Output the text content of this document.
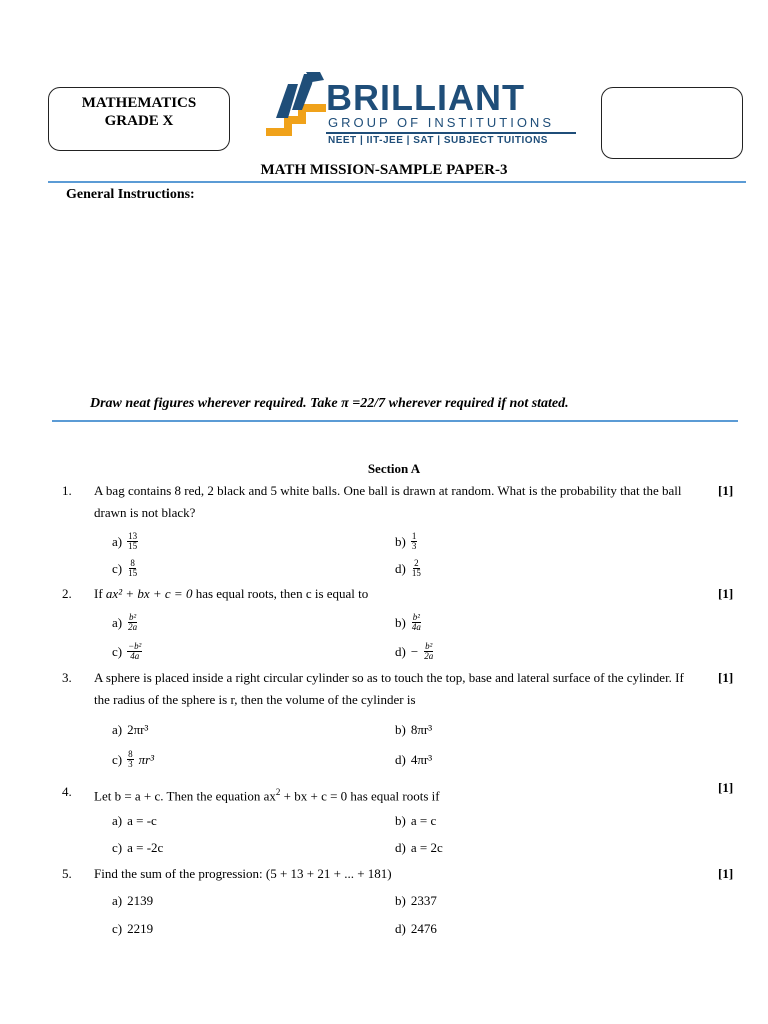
MATHEMATICS
GRADE X
BRILLIANT
GROUP OF INSTITUTIONS
NEET | IIT-JEE | SAT | SUBJECT TUITIONS
MATH MISSION-SAMPLE PAPER-3
General Instructions:
Draw neat figures wherever required. Take π =22/7 wherever required if not stated.
Section A
1. A bag contains 8 red, 2 black and 5 white balls. One ball is drawn at random. What is the probability that the ball drawn is not black?
[1]
$a) \frac{13}{15}$	$b) \frac{1}{3}$
$c) \frac{8}{15}$	$d) \frac{2}{15}$
2. If ax² + bx + c = 0 has equal roots, then c is equal to	[1]
$a) \frac{\text{b²}}{2a}$	$b) \frac{\text{b²}}{4a}$
$c) \frac{\text{−b²}}{4a}$	$d) - \frac{\text{b²}}{2a}$
3. A sphere is placed inside a right circular cylinder so as to touch the top, base and lateral surface of the cylinder. If the radius of the sphere is r, then the volume of the cylinder is
[1]
a) 2πr³	b) 8πr³
$c) \frac{8}{3} \pi r^3$	d) 4πr³
4. Let b = a + c. Then the equation $ax^2$ + bx + c = 0 has equal roots if
[1]
a) a = -c	b) a = c
c) a = -2c	d) a = 2c
5. Find the sum of the progression: (5 + 13 + 21 + ... + 181)	[1]
a) 2139	b) 2337
c) 2219	d) 2476
